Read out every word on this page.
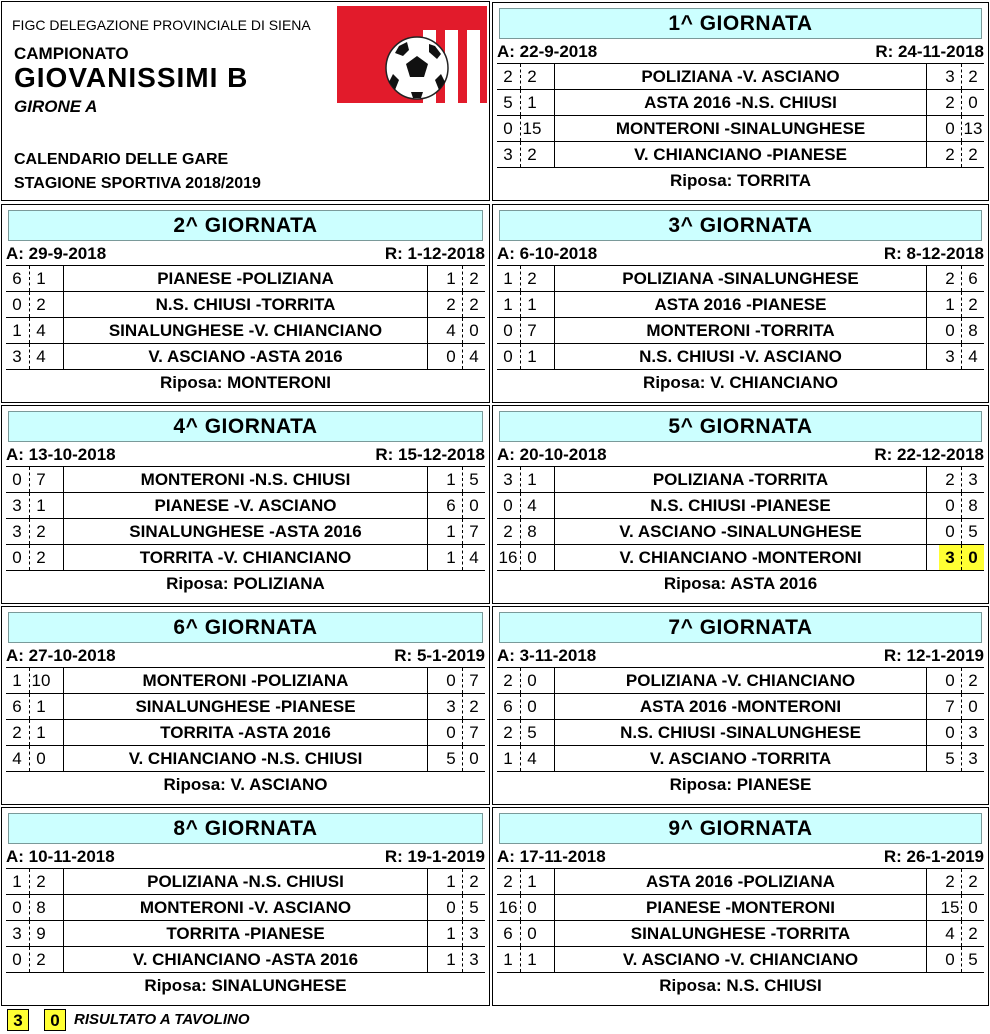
FIGC DELEGAZIONE PROVINCIALE DI SIENA
CAMPIONATO
GIOVANISSIMI B
GIRONE A
CALENDARIO DELLE GARE
STAGIONE SPORTIVA 2018/2019
1^ GIORNATA
A: 22-9-2018	R: 24-11-2018
2 2	POLIZIANA -V. ASCIANO	3 2
5 1	ASTA 2016 -N.S. CHIUSI	2 0
0 15	MONTERONI -SINALUNGHESE	0 13
3 2	V. CHIANCIANO -PIANESE	2 2
Riposa: TORRITA
2^ GIORNATA
A: 29-9-2018	R: 1-12-2018
6 1	PIANESE -POLIZIANA	1 2
0 2	N.S. CHIUSI -TORRITA	2 2
1 4	SINALUNGHESE -V. CHIANCIANO	4 0
3 4	V. ASCIANO -ASTA 2016	0 4
Riposa: MONTERONI
3^ GIORNATA
A: 6-10-2018	R: 8-12-2018
1 2	POLIZIANA -SINALUNGHESE	2 6
1 1	ASTA 2016 -PIANESE	1 2
0 7	MONTERONI -TORRITA	0 8
0 1	N.S. CHIUSI -V. ASCIANO	3 4
Riposa: V. CHIANCIANO
4^ GIORNATA
A: 13-10-2018	R: 15-12-2018
0 7	MONTERONI -N.S. CHIUSI	1 5
3 1	PIANESE -V. ASCIANO	6 0
3 2	SINALUNGHESE -ASTA 2016	1 7
0 2	TORRITA -V. CHIANCIANO	1 4
Riposa: POLIZIANA
5^ GIORNATA
A: 20-10-2018	R: 22-12-2018
3 1	POLIZIANA -TORRITA	2 3
0 4	N.S. CHIUSI -PIANESE	0 8
2 8	V. ASCIANO -SINALUNGHESE	0 5
16 0	V. CHIANCIANO -MONTERONI	3 0
Riposa: ASTA 2016
6^ GIORNATA
A: 27-10-2018	R: 5-1-2019
1 10	MONTERONI -POLIZIANA	0 7
6 1	SINALUNGHESE -PIANESE	3 2
2 1	TORRITA -ASTA 2016	0 7
4 0	V. CHIANCIANO -N.S. CHIUSI	5 0
Riposa: V. ASCIANO
7^ GIORNATA
A: 3-11-2018	R: 12-1-2019
2 0	POLIZIANA -V. CHIANCIANO	0 2
6 0	ASTA 2016 -MONTERONI	7 0
2 5	N.S. CHIUSI -SINALUNGHESE	0 3
1 4	V. ASCIANO -TORRITA	5 3
Riposa: PIANESE
8^ GIORNATA
A: 10-11-2018	R: 19-1-2019
1 2	POLIZIANA -N.S. CHIUSI	1 2
0 8	MONTERONI -V. ASCIANO	0 5
3 9	TORRITA -PIANESE	1 3
0 2	V. CHIANCIANO -ASTA 2016	1 3
Riposa: SINALUNGHESE
9^ GIORNATA
A: 17-11-2018	R: 26-1-2019
2 1	ASTA 2016 -POLIZIANA	2 2
16 0	PIANESE -MONTERONI	15 0
6 0	SINALUNGHESE -TORRITA	4 2
1 1	V. ASCIANO -V. CHIANCIANO	0 5
Riposa: N.S. CHIUSI
3	0 RISULTATO A TAVOLINO
